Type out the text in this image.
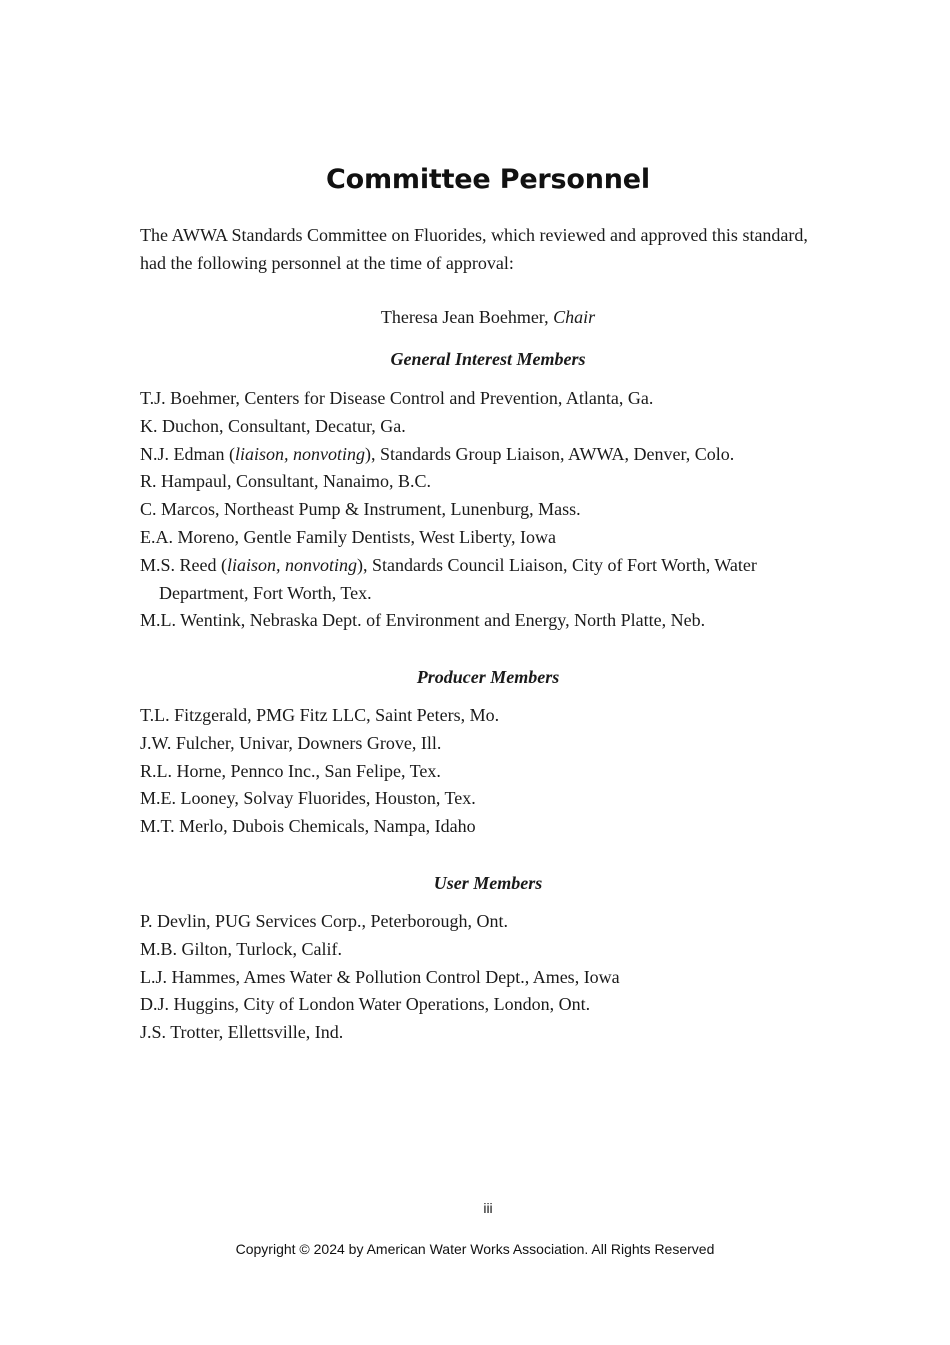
Committee Personnel

The AWWA Standards Committee on Fluorides, which reviewed and approved this standard, had the following personnel at the time of approval:

Theresa Jean Boehmer, Chair
General Interest Members
T.J. Boehmer, Centers for Disease Control and Prevention, Atlanta, Ga.
K. Duchon, Consultant, Decatur, Ga.
N.J. Edman (liaison, nonvoting), Standards Group Liaison, AWWA, Denver, Colo.
R. Hampaul, Consultant, Nanaimo, B.C.
C. Marcos, Northeast Pump & Instrument, Lunenburg, Mass.
E.A. Moreno, Gentle Family Dentists, West Liberty, Iowa
M.S. Reed (liaison, nonvoting), Standards Council Liaison, City of Fort Worth, Water Department, Fort Worth, Tex.
M.L. Wentink, Nebraska Dept. of Environment and Energy, North Platte, Neb.
Producer Members
T.L. Fitzgerald, PMG Fitz LLC, Saint Peters, Mo.
J.W. Fulcher, Univar, Downers Grove, Ill.
R.L. Horne, Pennco Inc., San Felipe, Tex.
M.E. Looney, Solvay Fluorides, Houston, Tex.
M.T. Merlo, Dubois Chemicals, Nampa, Idaho
User Members
P. Devlin, PUG Services Corp., Peterborough, Ont.
M.B. Gilton, Turlock, Calif.
L.J. Hammes, Ames Water & Pollution Control Dept., Ames, Iowa
D.J. Huggins, City of London Water Operations, London, Ont.
J.S. Trotter, Ellettsville, Ind.
iii
Copyright © 2024 by American Water Works Association. All Rights Reserved
